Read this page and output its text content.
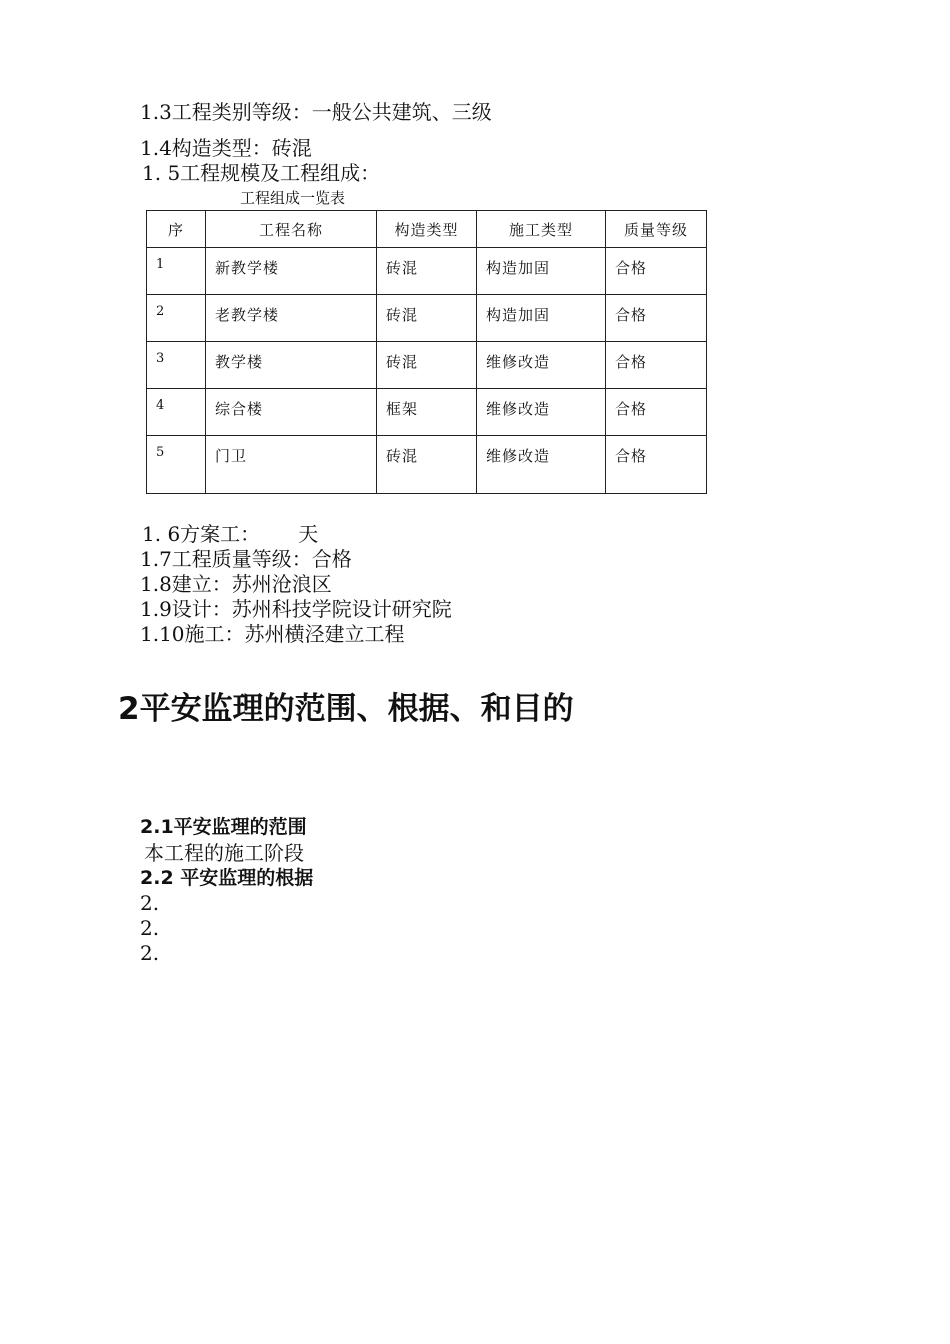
1.3工程类别等级：一般公共建筑、三级
1.4构造类型：砖混
1. 5工程规模及工程组成：
工程组成一览表
序	工程名称	构造类型	施工类型	质量等级
1	新教学楼	砖混	构造加固	合格
2	老教学楼	砖混	构造加固	合格
3	教学楼	砖混	维修改造	合格
4	综合楼	框架	维修改造	合格
5	门卫	砖混	维修改造	合格
1. 6方案工：      天
1.7工程质量等级：合格
1.8建立：苏州沧浪区
1.9设计：苏州科技学院设计研究院
1.10施工：苏州横泾建立工程
2平安监理的范围、根据、和目的
2.1平安监理的范围
本工程的施工阶段
2.2 平安监理的根据
2.
2.
2.
